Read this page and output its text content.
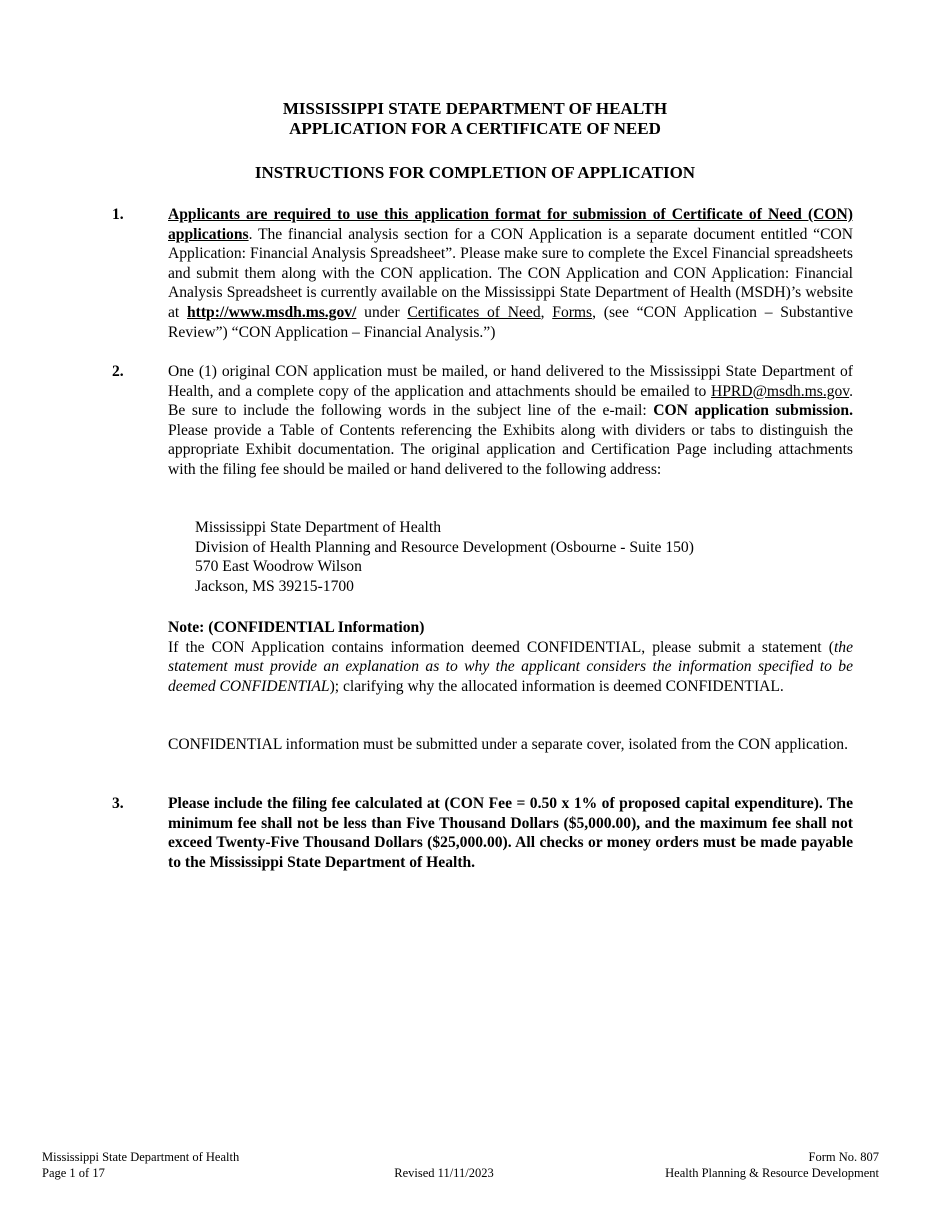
MISSISSIPPI STATE DEPARTMENT OF HEALTH
APPLICATION FOR A CERTIFICATE OF NEED
INSTRUCTIONS FOR COMPLETION OF APPLICATION
1.	Applicants are required to use this application format for submission of Certificate of Need (CON) applications. The financial analysis section for a CON Application is a separate document entitled “CON Application: Financial Analysis Spreadsheet”. Please make sure to complete the Excel Financial spreadsheets and submit them along with the CON application. The CON Application and CON Application: Financial Analysis Spreadsheet is currently available on the Mississippi State Department of Health (MSDH)’s website at http://www.msdh.ms.gov/ under Certificates of Need, Forms, (see “CON Application – Substantive Review”) “CON Application – Financial Analysis.”)
2.	One (1) original CON application must be mailed, or hand delivered to the Mississippi State Department of Health, and a complete copy of the application and attachments should be emailed to HPRD@msdh.ms.gov. Be sure to include the following words in the subject line of the e-mail: CON application submission. Please provide a Table of Contents referencing the Exhibits along with dividers or tabs to distinguish the appropriate Exhibit documentation. The original application and Certification Page including attachments with the filing fee should be mailed or hand delivered to the following address:
Mississippi State Department of Health
Division of Health Planning and Resource Development (Osbourne - Suite 150)
570 East Woodrow Wilson
Jackson, MS 39215-1700
Note: (CONFIDENTIAL Information)
If the CON Application contains information deemed CONFIDENTIAL, please submit a statement (the statement must provide an explanation as to why the applicant considers the information specified to be deemed CONFIDENTIAL); clarifying why the allocated information is deemed CONFIDENTIAL.
CONFIDENTIAL information must be submitted under a separate cover, isolated from the CON application.
3.	Please include the filing fee calculated at (CON Fee = 0.50 x 1% of proposed capital expenditure). The minimum fee shall not be less than Five Thousand Dollars ($5,000.00), and the maximum fee shall not exceed Twenty-Five Thousand Dollars ($25,000.00). All checks or money orders must be made payable to the Mississippi State Department of Health.
Mississippi State Department of Health
Page 1 of 17	Revised 11/11/2023
Form No. 807
Health Planning & Resource Development
